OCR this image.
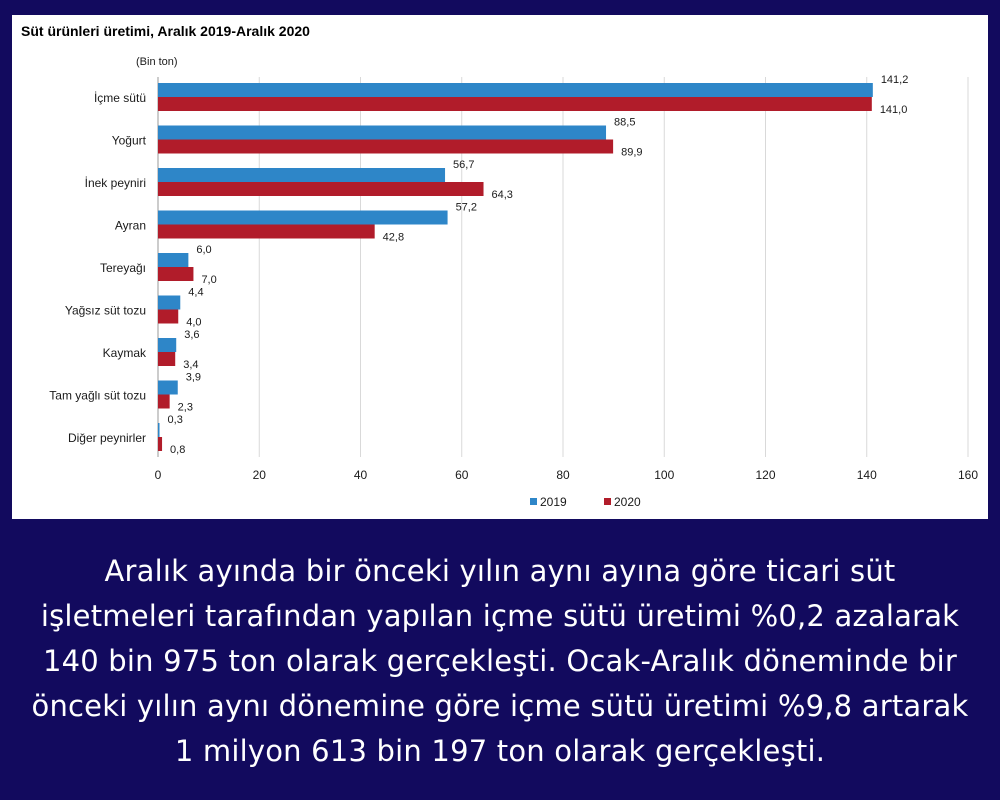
Süt ürünleri üretimi, Aralık 2019-Aralık 2020
(Bin ton)
0	20	40	60	80	100	120	140	160
İçme sütü
141,2
141,0
Yoğurt
88,5
89,9
İnek peyniri
56,7
64,3
Ayran
57,2
42,8
Tereyağı
6,0
7,0
Yağsız süt tozu
4,4
4,0
Kaymak
3,6
3,4
Tam yağlı süt tozu
3,9
2,3
Diğer peynirler
0,3
0,8
2019	2020

Aralık ayında bir önceki yılın aynı ayına göre ticari süt işletmeleri tarafından yapılan içme sütü üretimi %0,2 azalarak 140 bin 975 ton olarak gerçekleşti. Ocak-Aralık döneminde bir önceki yılın aynı dönemine göre içme sütü üretimi %9,8 artarak 1 milyon 613 bin 197 ton olarak gerçekleşti.
